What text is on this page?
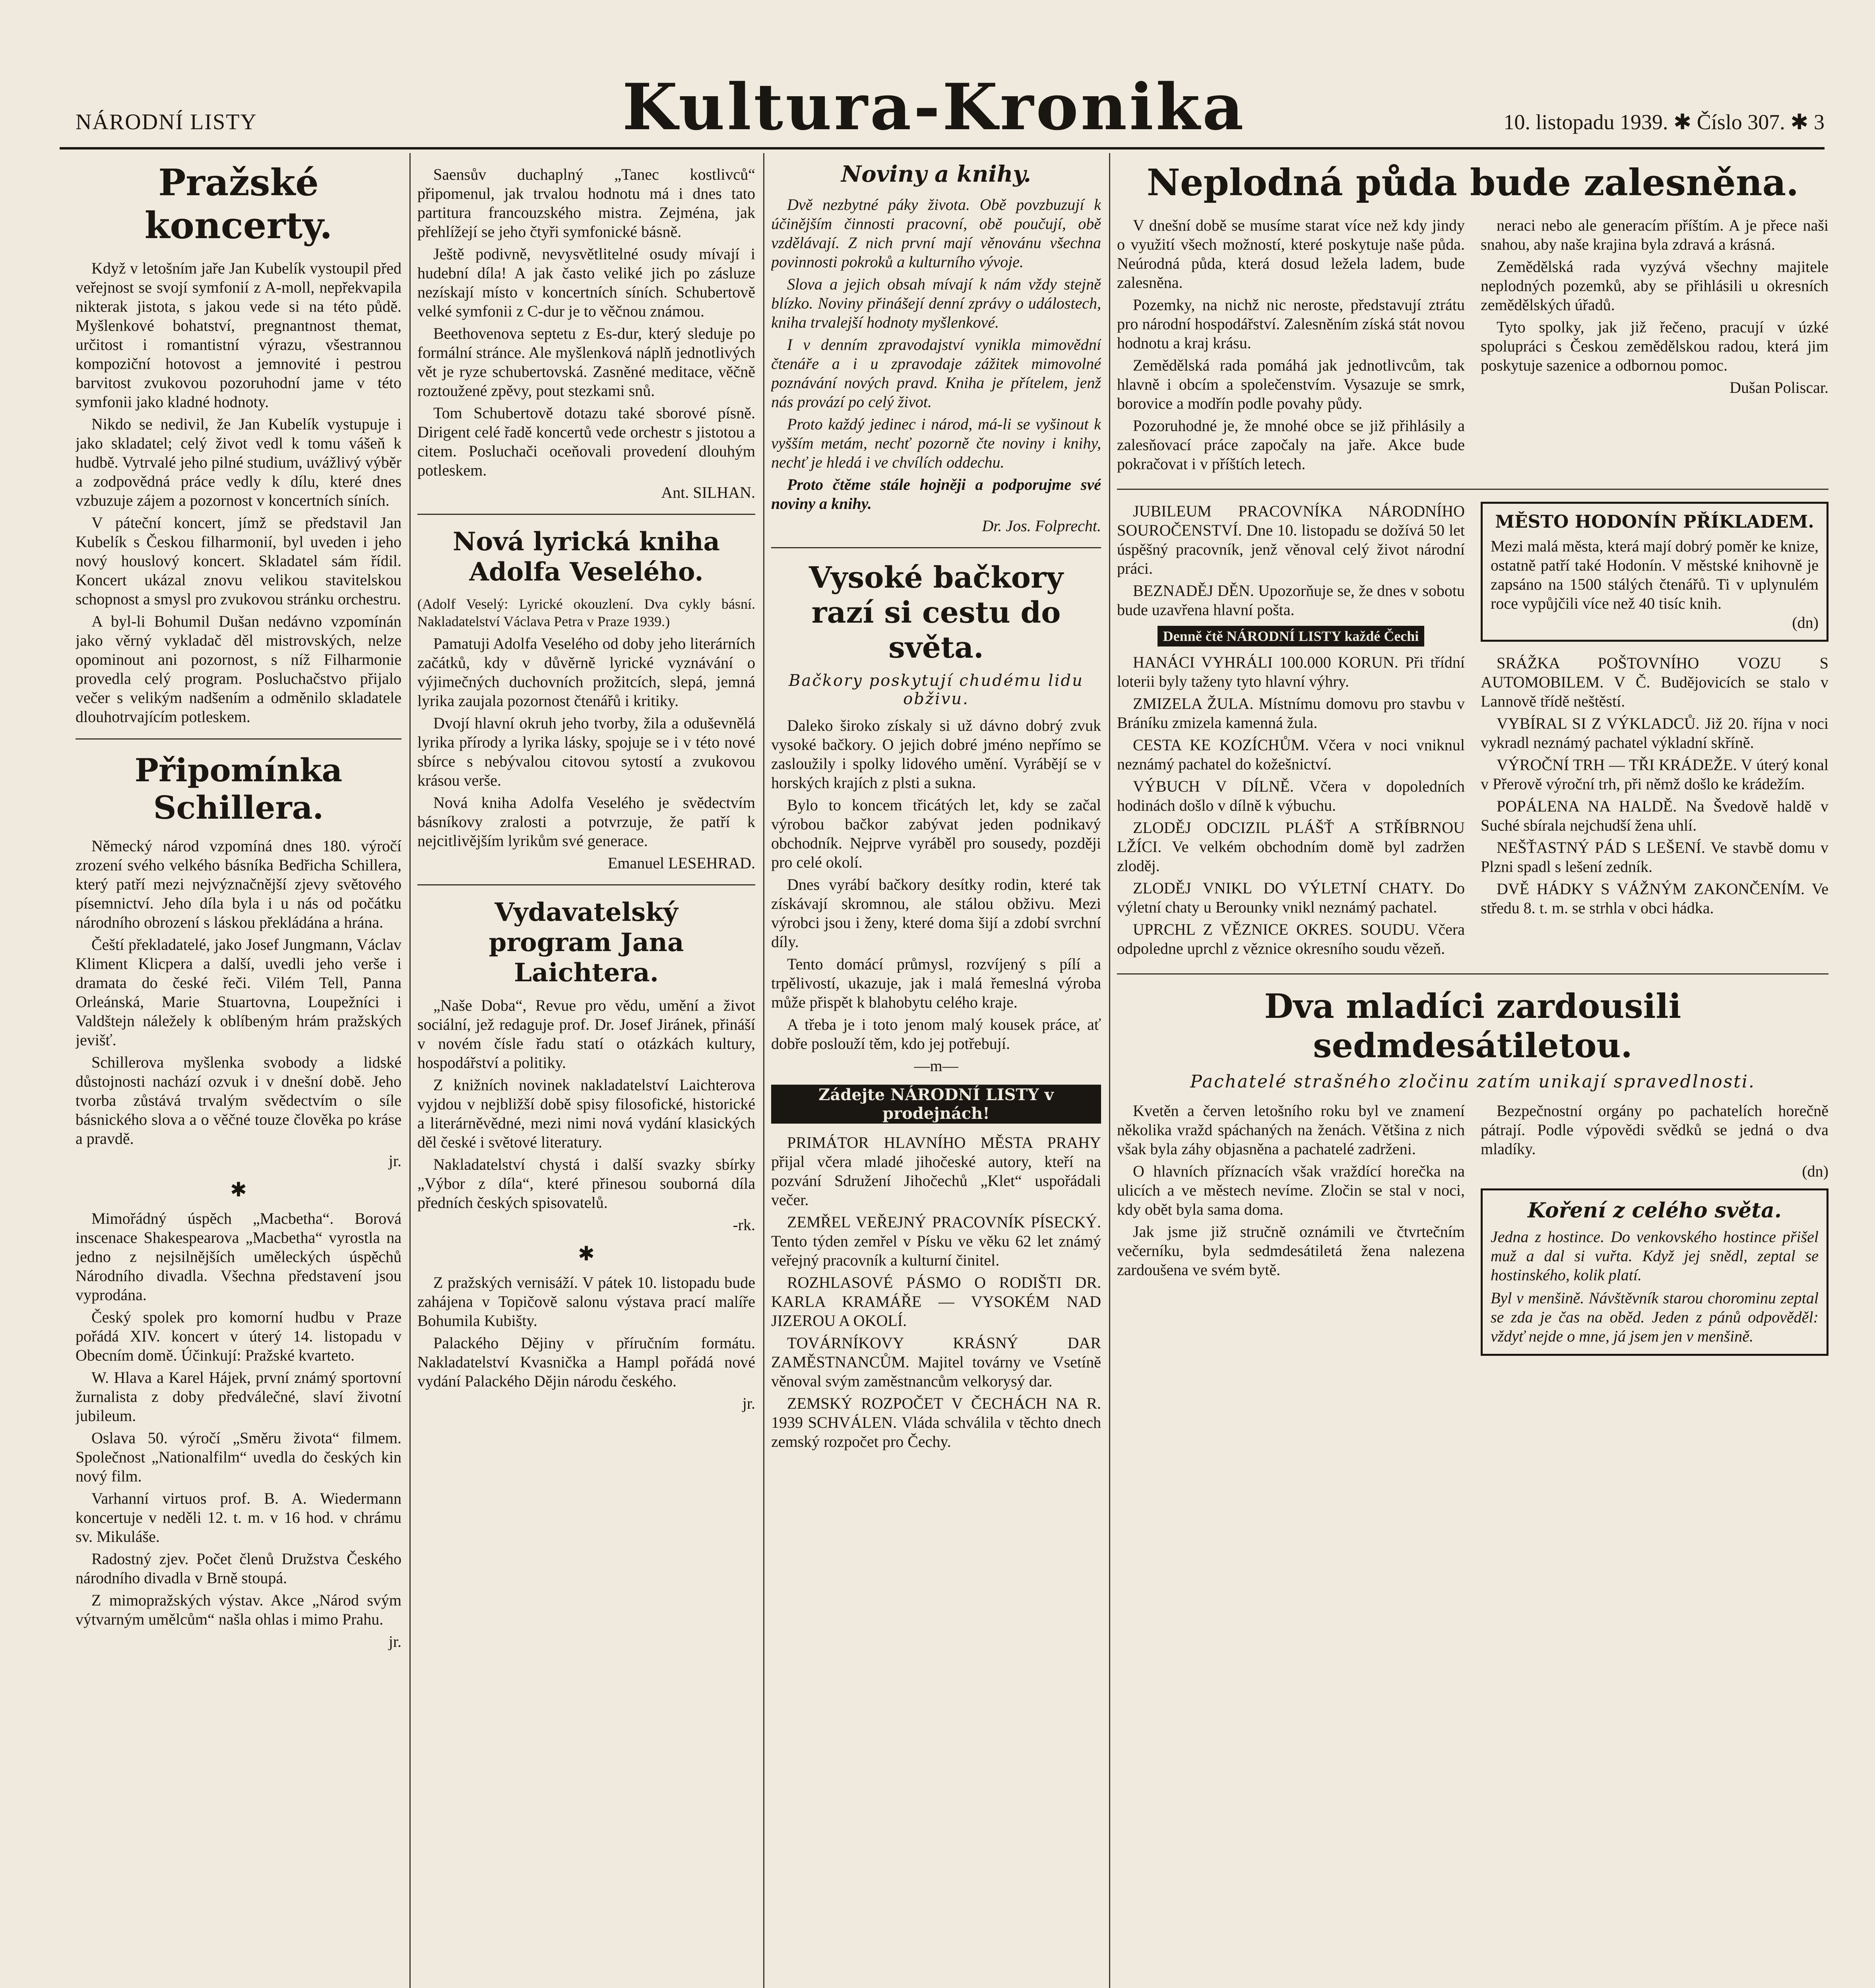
NÁRODNÍ LISTY	Kultura-Kronika	10. listopadu 1939. ✱ Číslo 307. ✱ 3
Pražské koncerty.

Když v letošním jaře Jan Kubelík vystoupil před veřejnost se svojí symfonií z A-moll, nepřekvapila nikterak jistota, s jakou vede si na této půdě. Myšlenkové bohatství, pregnantnost themat, určitost i romantistní výrazu, všestrannou kompoziční hotovost a jemnovité i pestrou barvitost zvukovou pozoruhodní jame v této symfonii jako kladné hodnoty.

Nikdo se nedivil, že Jan Kubelík vystupuje i jako skladatel; celý život vedl k tomu vášeň k hudbě. Vytrvalé jeho pilné studium, uvážlivý výběr a zodpovědná práce vedly k dílu, které dnes vzbuzuje zájem a pozornost v koncertních síních.

V páteční koncert, jímž se představil Jan Kubelík s Českou filharmonií, byl uveden i jeho nový houslový koncert. Skladatel sám řídil. Koncert ukázal znovu velikou stavitelskou schopnost a smysl pro zvukovou stránku orchestru.

A byl-li Bohumil Dušan nedávno vzpomínán jako věrný vykladač děl mistrovských, nelze opominout ani pozornost, s níž Filharmonie provedla celý program. Posluchačstvo přijalo večer s velikým nadšením a odměnilo skladatele dlouhotrvajícím potleskem.

Připomínka Schillera.

Německý národ vzpomíná dnes 180. výročí zrození svého velkého básníka Bedřicha Schillera, který patří mezi nejvýznačnější zjevy světového písemnictví. Jeho díla byla i u nás od počátku národního obrození s láskou překládána a hrána.

Čeští překladatelé, jako Josef Jungmann, Václav Kliment Klicpera a další, uvedli jeho verše i dramata do české řeči. Vilém Tell, Panna Orleánská, Marie Stuartovna, Loupežníci i Valdštejn náležely k oblíbeným hrám pražských jevišť.

Schillerova myšlenka svobody a lidské důstojnosti nachází ozvuk i v dnešní době. Jeho tvorba zůstává trvalým svědectvím o síle básnického slova a o věčné touze člověka po kráse a pravdě.

jr.
✱

Mimořádný úspěch „Macbetha“. Borová inscenace Shakespearova „Macbetha“ vyrostla na jedno z nejsilnějších uměleckých úspěchů Národního divadla. Všechna představení jsou vyprodána.

Český spolek pro komorní hudbu v Praze pořádá XIV. koncert v úterý 14. listopadu v Obecním domě. Účinkují: Pražské kvarteto.

W. Hlava a Karel Hájek, první známý sportovní žurnalista z doby předválečné, slaví životní jubileum.

Oslava 50. výročí „Směru života“ filmem. Společnost „Nationalfilm“ uvedla do českých kin nový film.

Varhanní virtuos prof. B. A. Wiedermann koncertuje v neděli 12. t. m. v 16 hod. v chrámu sv. Mikuláše.

Radostný zjev. Počet členů Družstva Českého národního divadla v Brně stoupá.

Z mimopražských výstav. Akce „Národ svým výtvarným umělcům“ našla ohlas i mimo Prahu.

jr.

Saensův duchaplný „Tanec kostlivců“ připomenul, jak trvalou hodnotu má i dnes tato partitura francouzského mistra. Zejména, jak přehlížejí se jeho čtyři symfonické básně.

Ještě podivně, nevysvětlitelné osudy mívají i hudební díla! A jak často veliké jich po zásluze nezískají místo v koncertních síních. Schubertově velké symfonii z C-dur je to věčnou známou.

Beethovenova septetu z Es-dur, který sleduje po formální stránce. Ale myšlenková náplň jednotlivých vět je ryze schubertovská. Zasněné meditace, věčně roztoužené zpěvy, pout stezkami snů.

Tom Schubertově dotazu také sborové písně. Dirigent celé řadě koncertů vede orchestr s jistotou a citem. Posluchači oceňovali provedení dlouhým potleskem.

Ant. SILHAN.
Nová lyrická kniha Adolfa Veselého.
(Adolf Veselý: Lyrické okouzlení. Dva cykly básní. Nakladatelství Václava Petra v Praze 1939.)

Pamatuji Adolfa Veselého od doby jeho literárních začátků, kdy v důvěrně lyrické vyznávání o výjimečných duchovních prožitcích, slepá, jemná lyrika zaujala pozornost čtenářů i kritiky.

Dvojí hlavní okruh jeho tvorby, žila a oduševnělá lyrika přírody a lyrika lásky, spojuje se i v této nové sbírce s nebývalou citovou sytostí a zvukovou krásou verše.

Nová kniha Adolfa Veselého je svědectvím básníkovy zralosti a potvrzuje, že patří k nejcitlivějším lyrikům své generace.

Emanuel LESEHRAD.
Vydavatelský program Jana Laichtera.

„Naše Doba“, Revue pro vědu, umění a život sociální, jež redaguje prof. Dr. Josef Jiránek, přináší v novém čísle řadu statí o otázkách kultury, hospodářství a politiky.

Z knižních novinek nakladatelství Laichterova vyjdou v nejbližší době spisy filosofické, historické a literárněvědné, mezi nimi nová vydání klasických děl české i světové literatury.

Nakladatelství chystá i další svazky sbírky „Výbor z díla“, které přinesou souborná díla předních českých spisovatelů.

-rk.
✱

Z pražských vernisáží. V pátek 10. listopadu bude zahájena v Topičově salonu výstava prací malíře Bohumila Kubišty.

Palackého Dějiny v příručním formátu. Nakladatelství Kvasnička a Hampl pořádá nové vydání Palackého Dějin národu českého.

jr.
Noviny a knihy.

Dvě nezbytné páky života. Obě povzbuzují k účinějším činnosti pracovní, obě poučují, obě vzdělávají. Z nich první mají věnovánu všechna povinnosti pokroků a kulturního vývoje.

Slova a jejich obsah mívají k nám vždy stejně blízko. Noviny přinášejí denní zprávy o událostech, kniha trvalejší hodnoty myšlenkové.

I v denním zpravodajství vynikla mimovědní čtenáře a i u zpravodaje zážitek mimovolné poznávání nových pravd. Kniha je přítelem, jenž nás provází po celý život.

Proto každý jedinec i národ, má-li se vyšinout k vyšším metám, nechť pozorně čte noviny i knihy, nechť je hledá i ve chvílích oddechu.

Proto čtěme stále hojněji a podporujme své noviny a knihy.

Dr. Jos. Folprecht.
Vysoké bačkory razí si cestu do světa.
Bačkory poskytují chudému lidu obživu.

Daleko široko získaly si už dávno dobrý zvuk vysoké bačkory. O jejich dobré jméno nepřímo se zasloužily i spolky lidového umění. Vyrábějí se v horských krajích z plsti a sukna.

Bylo to koncem třicátých let, kdy se začal výrobou bačkor zabývat jeden podnikavý obchodník. Nejprve vyráběl pro sousedy, později pro celé okolí.

Dnes vyrábí bačkory desítky rodin, které tak získávají skromnou, ale stálou obživu. Mezi výrobci jsou i ženy, které doma šijí a zdobí svrchní díly.

Tento domácí průmysl, rozvíjený s pílí a trpělivostí, ukazuje, jak i malá řemeslná výroba může přispět k blahobytu celého kraje.

A třeba je i toto jenom malý kousek práce, ať dobře poslouží těm, kdo jej potřebují.

—m—
Zádejte NÁRODNÍ LISTY v prodejnách!

PRIMÁTOR HLAVNÍHO MĚSTA PRAHY přijal včera mladé jihočeské autory, kteří na pozvání Sdružení Jihočechů „Klet“ uspořádali večer.

ZEMŘEL VEŘEJNÝ PRACOVNÍK PÍSECKÝ. Tento týden zemřel v Písku ve věku 62 let známý veřejný pracovník a kulturní činitel.

ROZHLASOVÉ PÁSMO O RODIŠTI DR. KARLA KRAMÁŘE — VYSOKÉM NAD JIZEROU A OKOLÍ.

TOVÁRNÍKOVY KRÁSNÝ DAR ZAMĚSTNANCŮM. Majitel továrny ve Vsetíně věnoval svým zaměstnancům velkorysý dar.

ZEMSKÝ ROZPOČET V ČECHÁCH NA R. 1939 SCHVÁLEN. Vláda schválila v těchto dnech zemský rozpočet pro Čechy.

Neplodná půda bude zalesněna.

V dnešní době se musíme starat více než kdy jindy o využití všech možností, které poskytuje naše půda. Neúrodná půda, která dosud ležela ladem, bude zalesněna.

Pozemky, na nichž nic neroste, představují ztrátu pro národní hospodářství. Zalesněním získá stát novou hodnotu a kraj krásu.

Zemědělská rada pomáhá jak jednotlivcům, tak hlavně i obcím a společenstvím. Vysazuje se smrk, borovice a modřín podle povahy půdy.

Pozoruhodné je, že mnohé obce se již přihlásily a zalesňovací práce započaly na jaře. Akce bude pokračovat i v příštích letech.

neraci nebo ale generacím příštím. A je přece naši snahou, aby naše krajina byla zdravá a krásná.

Zemědělská rada vyzývá všechny majitele neplodných pozemků, aby se přihlásili u okresních zemědělských úřadů.

Tyto spolky, jak již řečeno, pracují v úzké spolupráci s Českou zemědělskou radou, která jim poskytuje sazenice a odbornou pomoc.

Dušan Poliscar.

JUBILEUM PRACOVNÍKA NÁRODNÍHO SOUROČENSTVÍ. Dne 10. listopadu se dožívá 50 let úspěšný pracovník, jenž věnoval celý život národní práci.

BEZNADĚJ DĚN. Upozorňuje se, že dnes v sobotu bude uzavřena hlavní pošta.

Denně čtě NÁRODNÍ LISTY každé Čechi

HANÁCI VYHRÁLI 100.000 KORUN. Při třídní loterii byly taženy tyto hlavní výhry.

ZMIZELA ŽULA. Místnímu domovu pro stavbu v Bráníku zmizela kamenná žula.

CESTA KE KOZÍCHŮM. Včera v noci vniknul neznámý pachatel do kožešnictví.

VÝBUCH V DÍLNĚ. Včera v dopoledních hodinách došlo v dílně k výbuchu.

ZLODĚJ ODCIZIL PLÁŠŤ A STŘÍBRNOU LŽÍCI. Ve velkém obchodním domě byl zadržen zloděj.

ZLODĚJ VNIKL DO VÝLETNÍ CHATY. Do výletní chaty u Berounky vnikl neznámý pachatel.

UPRCHL Z VĚZNICE OKRES. SOUDU. Včera odpoledne uprchl z věznice okresního soudu vězeň.

MĚSTO HODONÍN PŘÍKLADEM.
Mezi malá města, která mají dobrý poměr ke knize, ostatně patří také Hodonín. V městské knihovně je zapsáno na 1500 stálých čtenářů. Ti v uplynulém roce vypůjčili více než 40 tisíc knih.
(dn)

SRÁŽKA POŠTOVNÍHO VOZU S AUTOMOBILEM. V Č. Budějovicích se stalo v Lannově třídě neštěstí.

VYBÍRAL SI Z VÝKLADCŮ. Již 20. října v noci vykradl neznámý pachatel výkladní skříně.

VÝROČNÍ TRH — TŘI KRÁDEŽE. V úterý konal v Přerově výroční trh, při němž došlo ke krádežím.

POPÁLENA NA HALDĚ. Na Švedově haldě v Suché sbírala nejchudší žena uhlí.

NEŠŤASTNÝ PÁD S LEŠENÍ. Ve stavbě domu v Plzni spadl s lešení zedník.

DVĚ HÁDKY S VÁŽNÝM ZAKONČENÍM. Ve středu 8. t. m. se strhla v obci hádka.

Dva mladíci zardousili sedmdesátiletou.
Pachatelé strašného zločinu zatím unikají spravedlnosti.

Kvetěn a červen letošního roku byl ve znamení několika vražd spáchaných na ženách. Většina z nich však byla záhy objasněna a pachatelé zadrženi.

O hlavních příznacích však vraždící horečka na ulicích a ve městech nevíme. Zločin se stal v noci, kdy obět byla sama doma.

Jak jsme již stručně oznámili ve čtvrtečním večerníku, byla sedmdesátiletá žena nalezena zardoušena ve svém bytě.

Bezpečnostní orgány po pachatelích horečně pátrají. Podle výpovědi svědků se jedná o dva mladíky.

(dn)
Koření z celého světa.

Jedna z hostince. Do venkovského hostince přišel muž a dal si vuřta. Když jej snědl, zeptal se hostinského, kolik platí.

Byl v menšině. Návštěvník starou chorominu zeptal se zda je čas na oběd. Jeden z pánů odpověděl: vždyť nejde o mne, já jsem jen v menšině.
